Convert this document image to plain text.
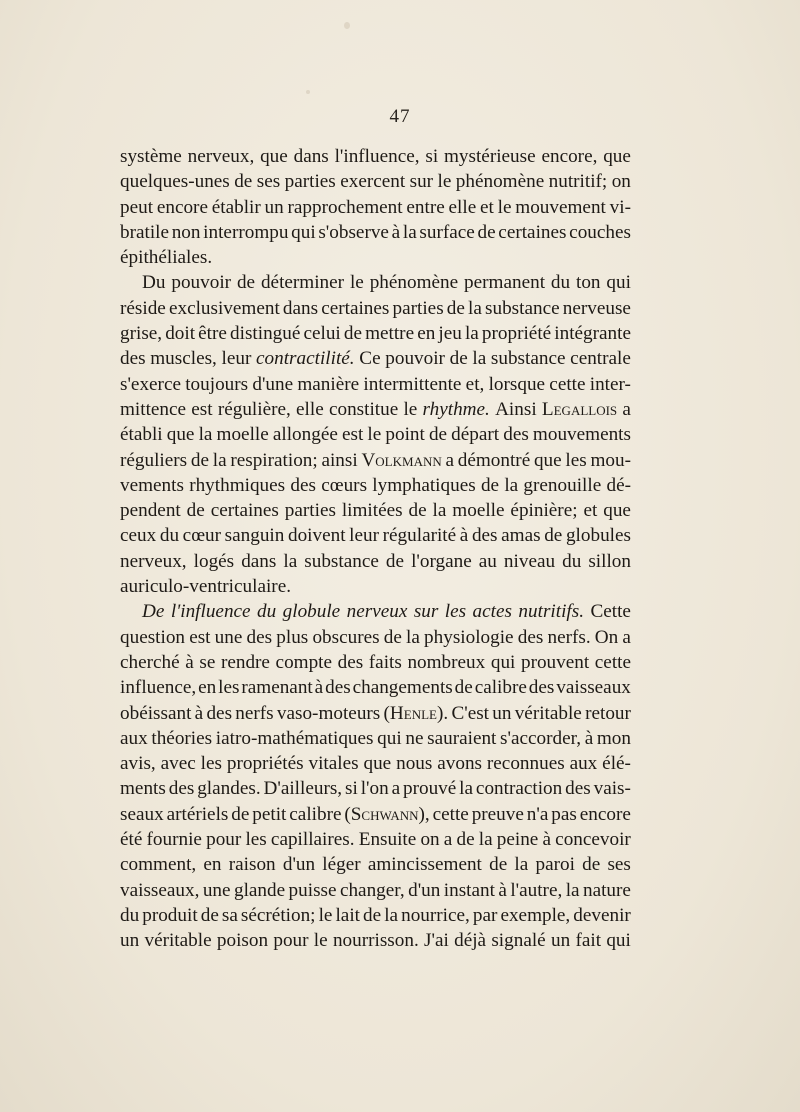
47
système nerveux, que dans l'influence, si mystérieuse encore, que
quelques-unes de ses parties exercent sur le phénomène nutritif; on
peut encore établir un rapprochement entre elle et le mouvement vi-
bratile non interrompu qui s'observe à la surface de certaines couches
épithéliales.
Du pouvoir de déterminer le phénomène permanent du ton qui
réside exclusivement dans certaines parties de la substance nerveuse
grise, doit être distingué celui de mettre en jeu la propriété intégrante
des muscles, leur contractilité. Ce pouvoir de la substance centrale
s'exerce toujours d'une manière intermittente et, lorsque cette inter-
mittence est régulière, elle constitue le rhythme. Ainsi Legallois a
établi que la moelle allongée est le point de départ des mouvements
réguliers de la respiration; ainsi Volkmann a démontré que les mou-
vements rhythmiques des cœurs lymphatiques de la grenouille dé-
pendent de certaines parties limitées de la moelle épinière; et que
ceux du cœur sanguin doivent leur régularité à des amas de globules
nerveux, logés dans la substance de l'organe au niveau du sillon
auriculo-ventriculaire.
De l'influence du globule nerveux sur les actes nutritifs. Cette
question est une des plus obscures de la physiologie des nerfs. On a
cherché à se rendre compte des faits nombreux qui prouvent cette
influence, en les ramenant à des changements de calibre des vaisseaux
obéissant à des nerfs vaso-moteurs (Henle). C'est un véritable retour
aux théories iatro-mathématiques qui ne sauraient s'accorder, à mon
avis, avec les propriétés vitales que nous avons reconnues aux élé-
ments des glandes. D'ailleurs, si l'on a prouvé la contraction des vais-
seaux artériels de petit calibre (Schwann), cette preuve n'a pas encore
été fournie pour les capillaires. Ensuite on a de la peine à concevoir
comment, en raison d'un léger amincissement de la paroi de ses
vaisseaux, une glande puisse changer, d'un instant à l'autre, la nature
du produit de sa sécrétion; le lait de la nourrice, par exemple, devenir
un véritable poison pour le nourrisson. J'ai déjà signalé un fait qui
